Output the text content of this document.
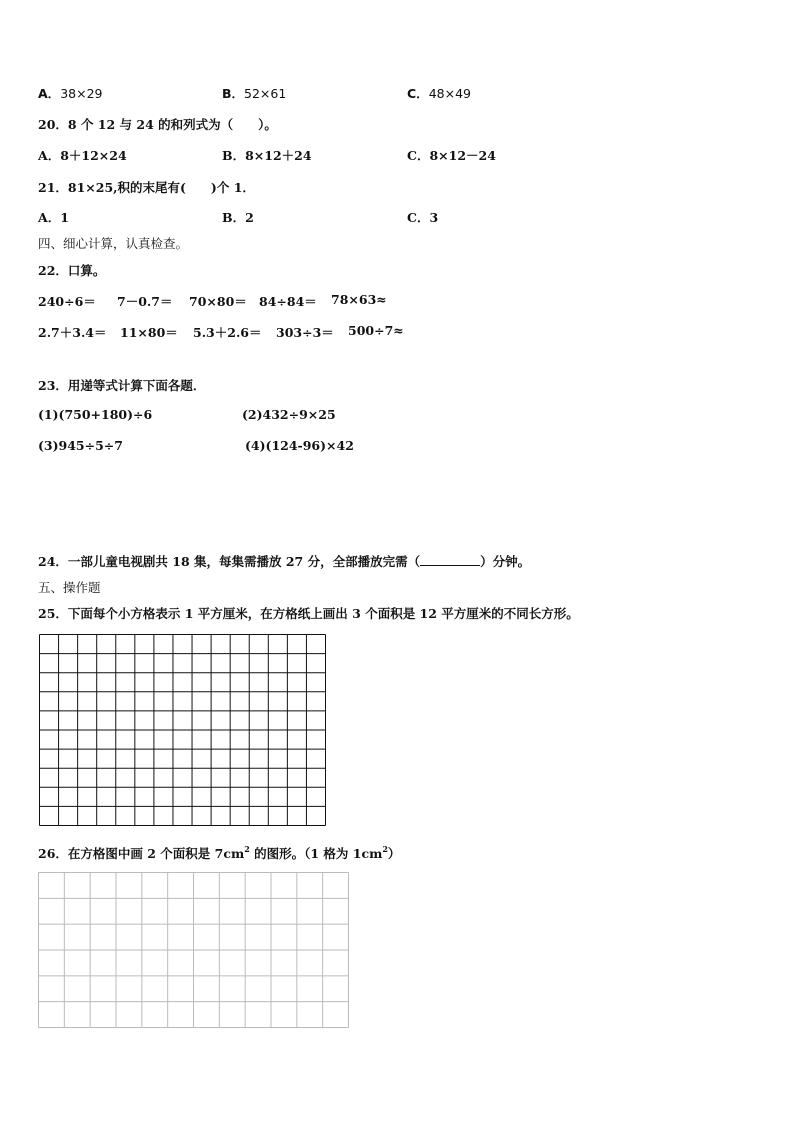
A．38×29	B．52×61	C．48×49
20．8 个 12 与 24 的和列式为（　　）。
A．8＋12×24	B．8×12＋24	C．8×12－24
21．81×25,积的末尾有(　　)个 1．
A．1	B．2	C．3
四、细心计算，认真检查。
22．口算。
240÷6＝ 7－0.7＝ 70×80＝ 84÷84＝ 78×63≈
2.7＋3.4＝ 11×80＝ 5.3＋2.6＝ 303÷3＝ 500÷7≈
23．用递等式计算下面各题．
(1)(750+180)÷6	(2)432÷9×25
(3)945÷5÷7	(4)(124-96)×42
24．一部儿童电视剧共 18 集，每集需播放 27 分，全部播放完需（	）分钟。
五、操作题
25．下面每个小方格表示 1 平方厘米，在方格纸上画出 3 个面积是 12 平方厘米的不同长方形。
26．在方格图中画 2 个面积是 $7cm^2$ 的图形。（1 格为 $1cm^2$）
